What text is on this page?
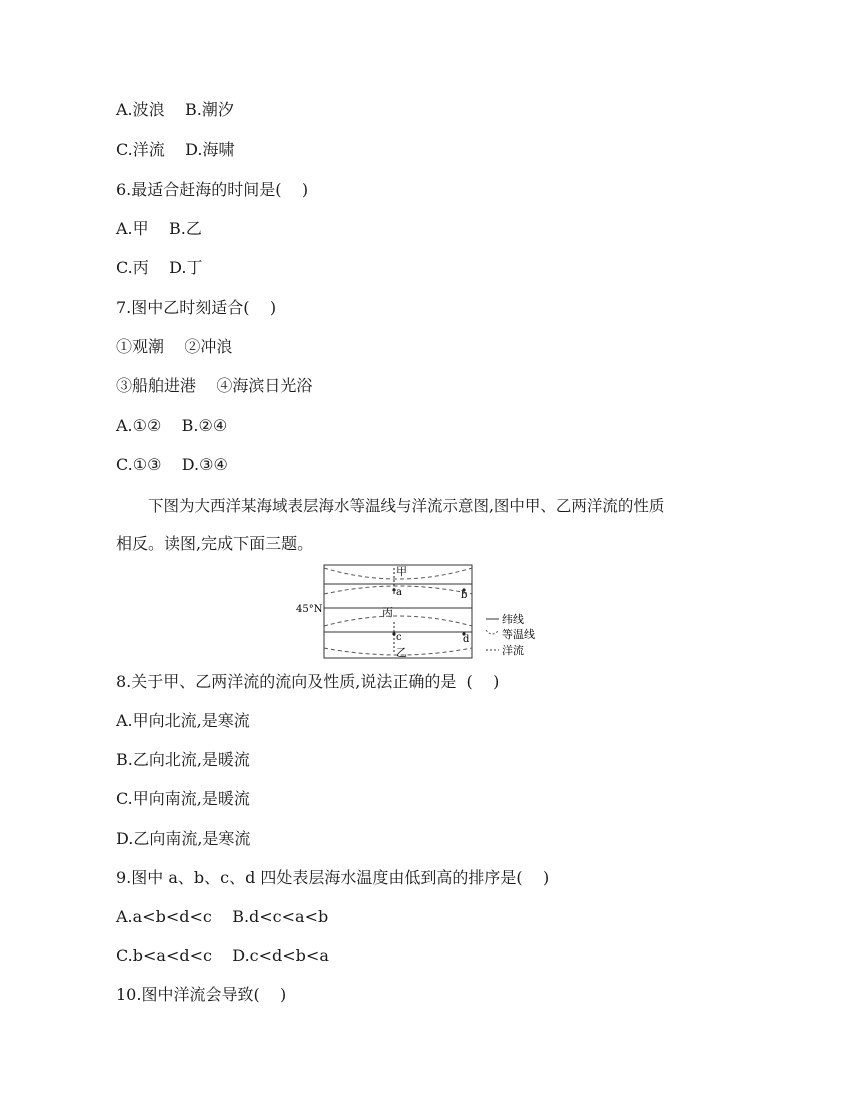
A.波浪    B.潮汐
C.洋流    D.海啸
6.最适合赶海的时间是(    )
A.甲    B.乙
C.丙    D.丁
7.图中乙时刻适合(    )
①观潮    ②冲浪
③船舶进港    ④海滨日光浴
A.①②    B.②④
C.①③    D.③④
下图为大西洋某海域表层海水等温线与洋流示意图,图中甲、乙两洋流的性质
相反。读图,完成下面三题。
甲
a	b
丙
c	d
乙
45°N
纬线
等温线
洋流
8.关于甲、乙两洋流的流向及性质,说法正确的是  (    )
A.甲向北流,是寒流
B.乙向北流,是暖流
C.甲向南流,是暖流
D.乙向南流,是寒流
9.图中 a、b、c、d 四处表层海水温度由低到高的排序是(    )
A.a<b<d<c    B.d<c<a<b
C.b<a<d<c    D.c<d<b<a
10.图中洋流会导致(    )
